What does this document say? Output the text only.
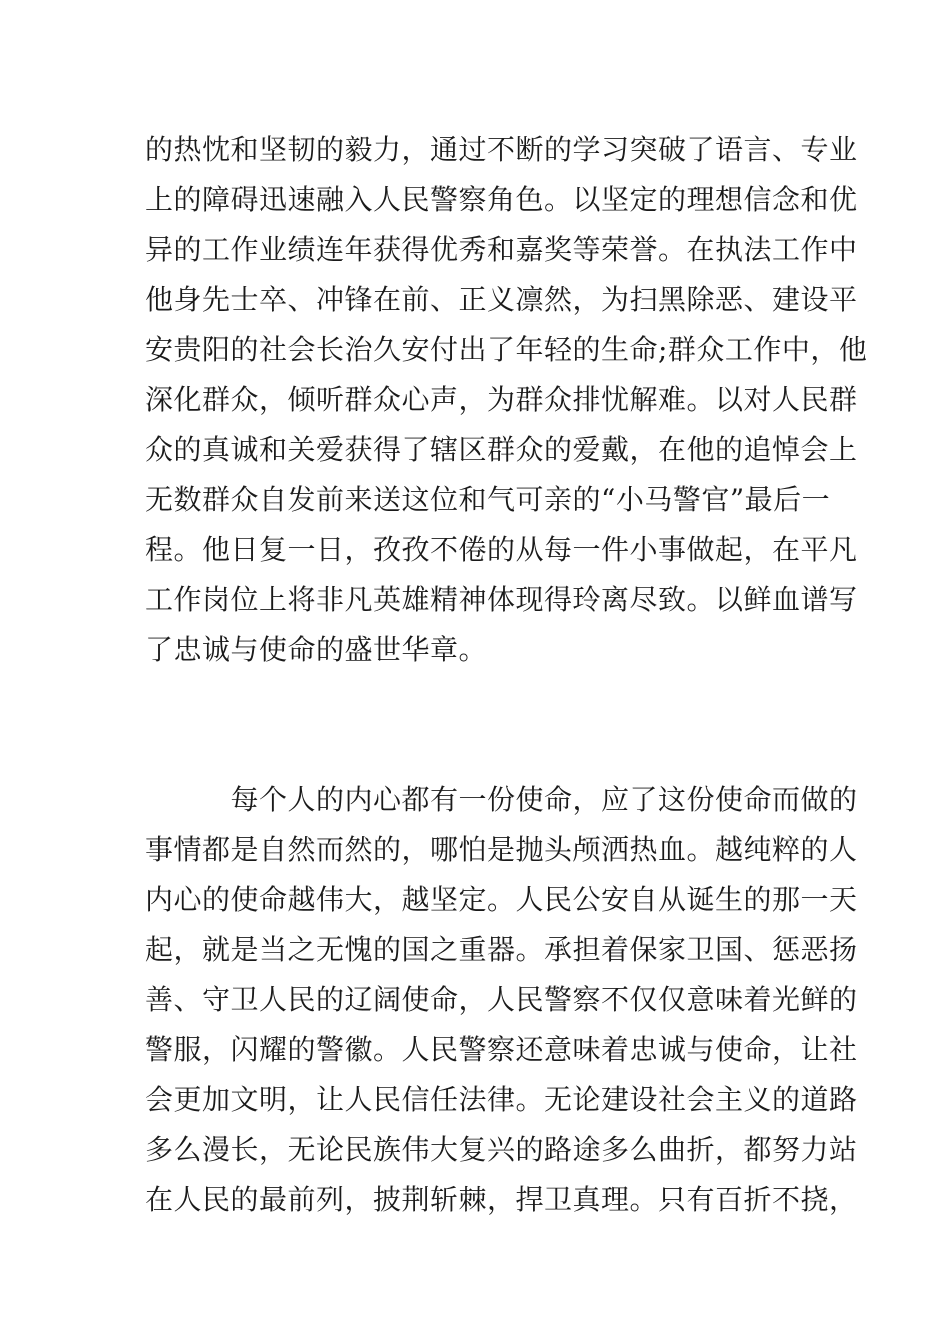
的热忱和坚韧的毅力，通过不断的学习突破了语言、专业
上的障碍迅速融入人民警察角色。以坚定的理想信念和优
异的工作业绩连年获得优秀和嘉奖等荣誉。在执法工作中
他身先士卒、冲锋在前、正义凛然，为扫黑除恶、建设平
安贵阳的社会长治久安付出了年轻的生命;群众工作中，他
深化群众，倾听群众心声，为群众排忧解难。以对人民群
众的真诚和关爱获得了辖区群众的爱戴，在他的追悼会上
无数群众自发前来送这位和气可亲的“小马警官”最后一
程。他日复一日，孜孜不倦的从每一件小事做起，在平凡
工作岗位上将非凡英雄精神体现得玲离尽致。以鲜血谱写
了忠诚与使命的盛世华章。
　　　每个人的内心都有一份使命，应了这份使命而做的
事情都是自然而然的，哪怕是抛头颅洒热血。越纯粹的人
内心的使命越伟大，越坚定。人民公安自从诞生的那一天
起，就是当之无愧的国之重器。承担着保家卫国、惩恶扬
善、守卫人民的辽阔使命，人民警察不仅仅意味着光鲜的
警服，闪耀的警徽。人民警察还意味着忠诚与使命，让社
会更加文明，让人民信任法律。无论建设社会主义的道路
多么漫长，无论民族伟大复兴的路途多么曲折，都努力站
在人民的最前列，披荆斩棘，捍卫真理。只有百折不挠，
